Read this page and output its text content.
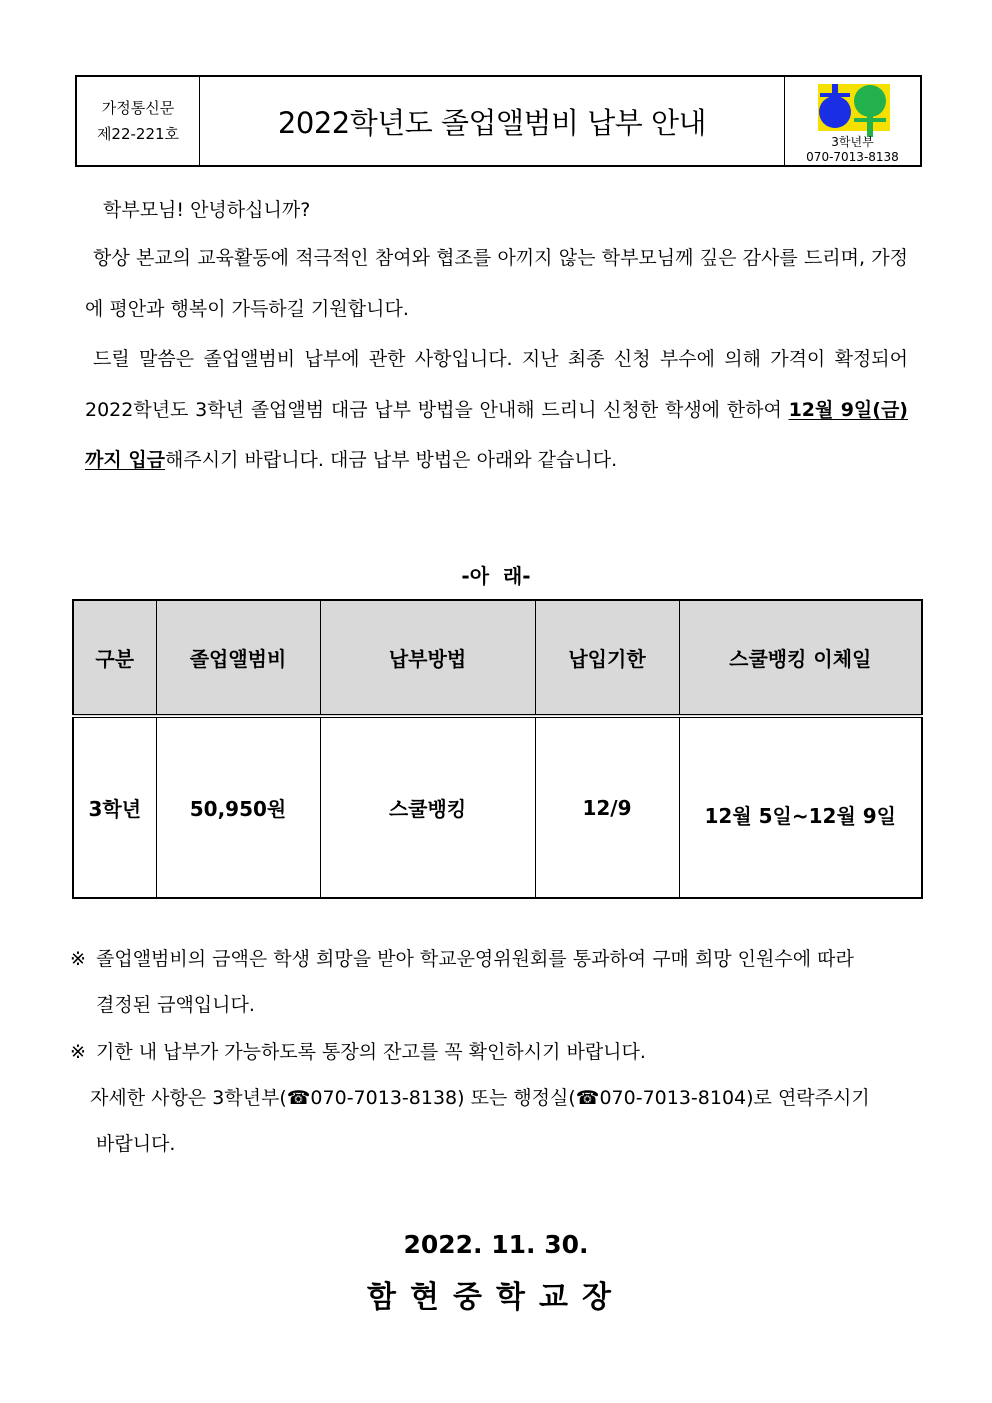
가정통신문
제22-221호	2022학년도 졸업앨범비 납부 안내
3학년부
070-7013-8138
학부모님! 안녕하십니까?
항상 본교의 교육활동에 적극적인 참여와 협조를 아끼지 않는 학부모님께 깊은 감사를 드리며, 가정에 평안과 행복이 가득하길 기원합니다.
드릴 말씀은 졸업앨범비 납부에 관한 사항입니다. 지난 최종 신청 부수에 의해 가격이 확정되어 2022학년도 3학년 졸업앨범 대금 납부 방법을 안내해 드리니 신청한 학생에 한하여 12월 9일(금)까지 입금해주시기 바랍니다. 대금 납부 방법은 아래와 같습니다.
-아  래-
구분	졸업앨범비	납부방법	납입기한	스쿨뱅킹 이체일
3학년	50,950원	스쿨뱅킹	12/9	12월 5일~12월 9일
※ 졸업앨범비의 금액은 학생 희망을 받아 학교운영위원회를 통과하여 구매 희망 인원수에 따라
결정된 금액입니다.
※ 기한 내 납부가 가능하도록 통장의 잔고를 꼭 확인하시기 바랍니다.
자세한 사항은 3학년부(☎070-7013-8138) 또는 행정실(☎070-7013-8104)로 연락주시기
바랍니다.
2022. 11. 30.
함현중학교장
